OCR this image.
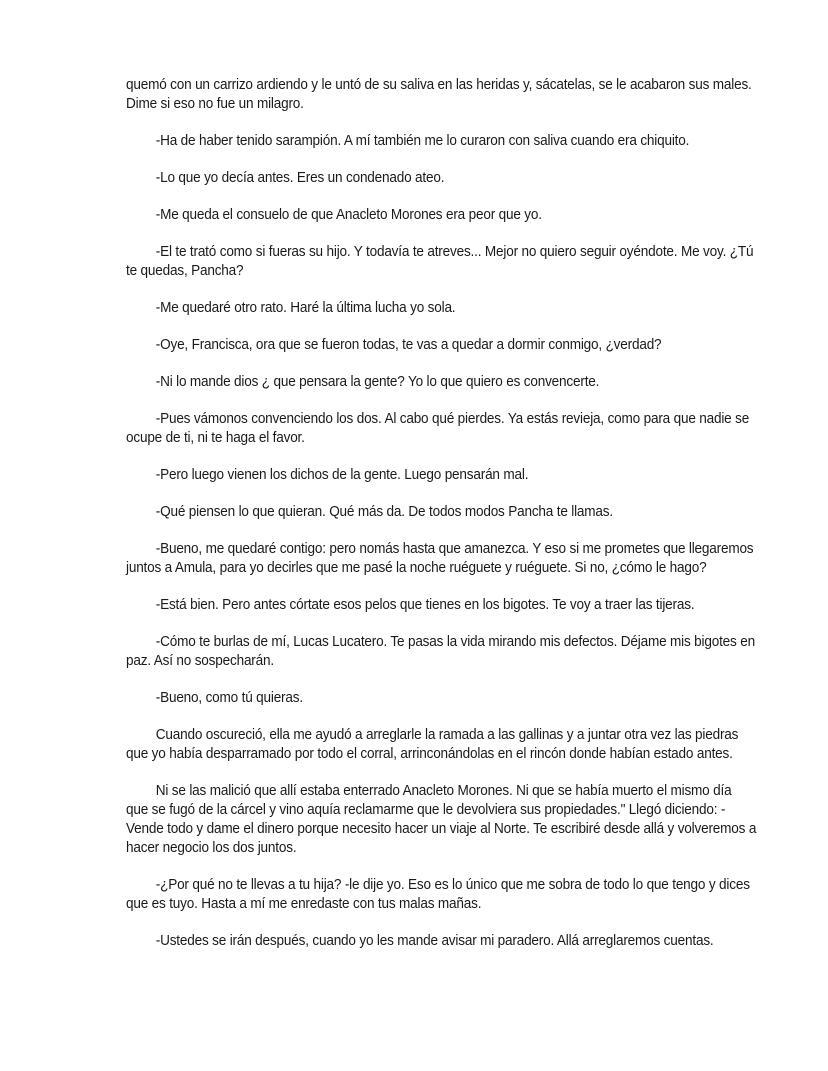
quemó con un carrizo ardiendo y le untó de su saliva en las heridas y, sácatelas, se le acabaron sus males. Dime si eso no fue un milagro.

-Ha de haber tenido sarampión. A mí también me lo curaron con saliva cuando era chiquito.

-Lo que yo decía antes. Eres un condenado ateo.

-Me queda el consuelo de que Anacleto Morones era peor que yo.

-El te trató como si fueras su hijo. Y todavía te atreves... Mejor no quiero seguir oyéndote. Me voy. ¿Tú te quedas, Pancha?

-Me quedaré otro rato. Haré la última lucha yo sola.

-Oye, Francisca, ora que se fueron todas, te vas a quedar a dormir conmigo, ¿verdad?

-Ni lo mande dios ¿ que pensara la gente? Yo lo que quiero es convencerte.

-Pues vámonos convenciendo los dos. Al cabo qué pierdes. Ya estás revieja, como para que nadie se ocupe de ti, ni te haga el favor.

-Pero luego vienen los dichos de la gente. Luego pensarán mal.

-Qué piensen lo que quieran. Qué más da. De todos modos Pancha te llamas.

-Bueno, me quedaré contigo: pero nomás hasta que amanezca. Y eso si me prometes que llegaremos juntos a Amula, para yo decirles que me pasé la noche ruéguete y ruéguete. Si no, ¿cómo le hago?

-Está bien. Pero antes córtate esos pelos que tienes en los bigotes. Te voy a traer las tijeras.

-Cómo te burlas de mí, Lucas Lucatero. Te pasas la vida mirando mis defectos. Déjame mis bigotes en paz. Así no sospecharán.

-Bueno, como tú quieras.

Cuando oscureció, ella me ayudó a arreglarle la ramada a las gallinas y a juntar otra vez las piedras que yo había desparramado por todo el corral, arrinconándolas en el rincón donde habían estado antes.

Ni se las malició que allí estaba enterrado Anacleto Morones. Ni que se había muerto el mismo día que se fugó de la cárcel y vino aquía reclamarme que le devolviera sus propiedades." Llegó diciendo: -Vende todo y dame el dinero porque necesito hacer un viaje al Norte. Te escribiré desde allá y volveremos a hacer negocio los dos juntos.

-¿Por qué no te llevas a tu hija? -le dije yo. Eso es lo único que me sobra de todo lo que tengo y dices que es tuyo. Hasta a mí me enredaste con tus malas mañas.

-Ustedes se irán después, cuando yo les mande avisar mi paradero. Allá arreglaremos cuentas.
